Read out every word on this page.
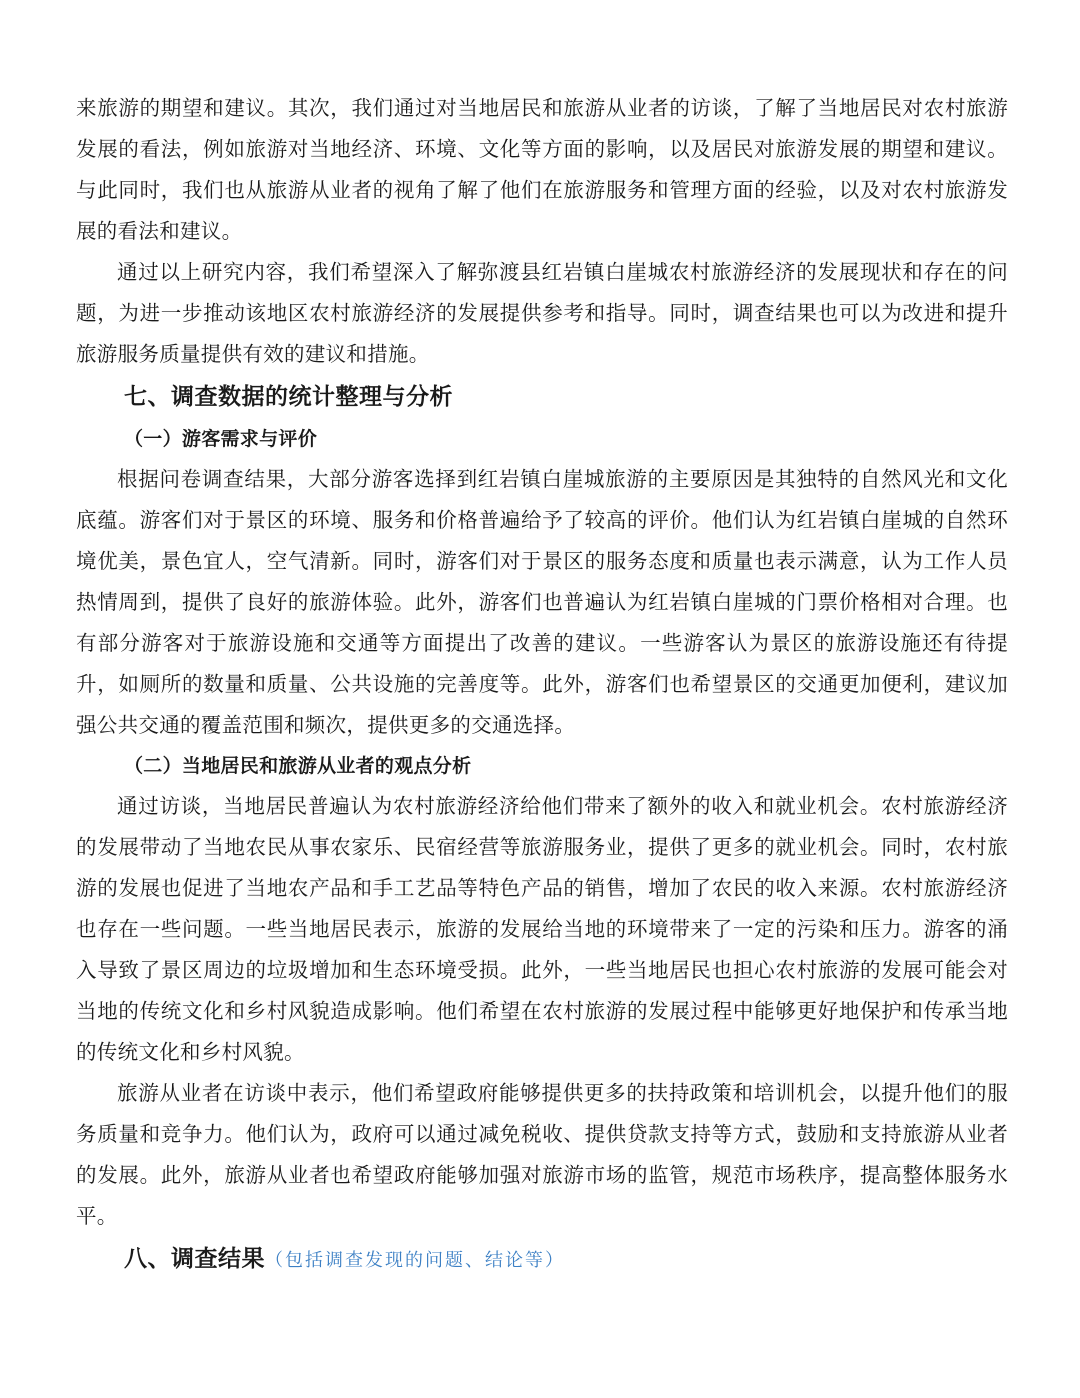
来旅游的期望和建议。其次，我们通过对当地居民和旅游从业者的访谈，了解了当地居民对农村旅游发展的看法，例如旅游对当地经济、环境、文化等方面的影响，以及居民对旅游发展的期望和建议。与此同时，我们也从旅游从业者的视角了解了他们在旅游服务和管理方面的经验，以及对农村旅游发展的看法和建议。

通过以上研究内容，我们希望深入了解弥渡县红岩镇白崖城农村旅游经济的发展现状和存在的问题，为进一步推动该地区农村旅游经济的发展提供参考和指导。同时，调查结果也可以为改进和提升旅游服务质量提供有效的建议和措施。

七、调查数据的统计整理与分析
（一）游客需求与评价

根据问卷调查结果，大部分游客选择到红岩镇白崖城旅游的主要原因是其独特的自然风光和文化底蕴。游客们对于景区的环境、服务和价格普遍给予了较高的评价。他们认为红岩镇白崖城的自然环境优美，景色宜人，空气清新。同时，游客们对于景区的服务态度和质量也表示满意，认为工作人员热情周到，提供了良好的旅游体验。此外，游客们也普遍认为红岩镇白崖城的门票价格相对合理。也有部分游客对于旅游设施和交通等方面提出了改善的建议。一些游客认为景区的旅游设施还有待提升，如厕所的数量和质量、公共设施的完善度等。此外，游客们也希望景区的交通更加便利，建议加强公共交通的覆盖范围和频次，提供更多的交通选择。

（二）当地居民和旅游从业者的观点分析

通过访谈，当地居民普遍认为农村旅游经济给他们带来了额外的收入和就业机会。农村旅游经济的发展带动了当地农民从事农家乐、民宿经营等旅游服务业，提供了更多的就业机会。同时，农村旅游的发展也促进了当地农产品和手工艺品等特色产品的销售，增加了农民的收入来源。农村旅游经济也存在一些问题。一些当地居民表示，旅游的发展给当地的环境带来了一定的污染和压力。游客的涌入导致了景区周边的垃圾增加和生态环境受损。此外，一些当地居民也担心农村旅游的发展可能会对当地的传统文化和乡村风貌造成影响。他们希望在农村旅游的发展过程中能够更好地保护和传承当地的传统文化和乡村风貌。

旅游从业者在访谈中表示，他们希望政府能够提供更多的扶持政策和培训机会，以提升他们的服务质量和竞争力。他们认为，政府可以通过减免税收、提供贷款支持等方式，鼓励和支持旅游从业者的发展。此外，旅游从业者也希望政府能够加强对旅游市场的监管，规范市场秩序，提高整体服务水平。

八、调查结果（包括调查发现的问题、结论等）
